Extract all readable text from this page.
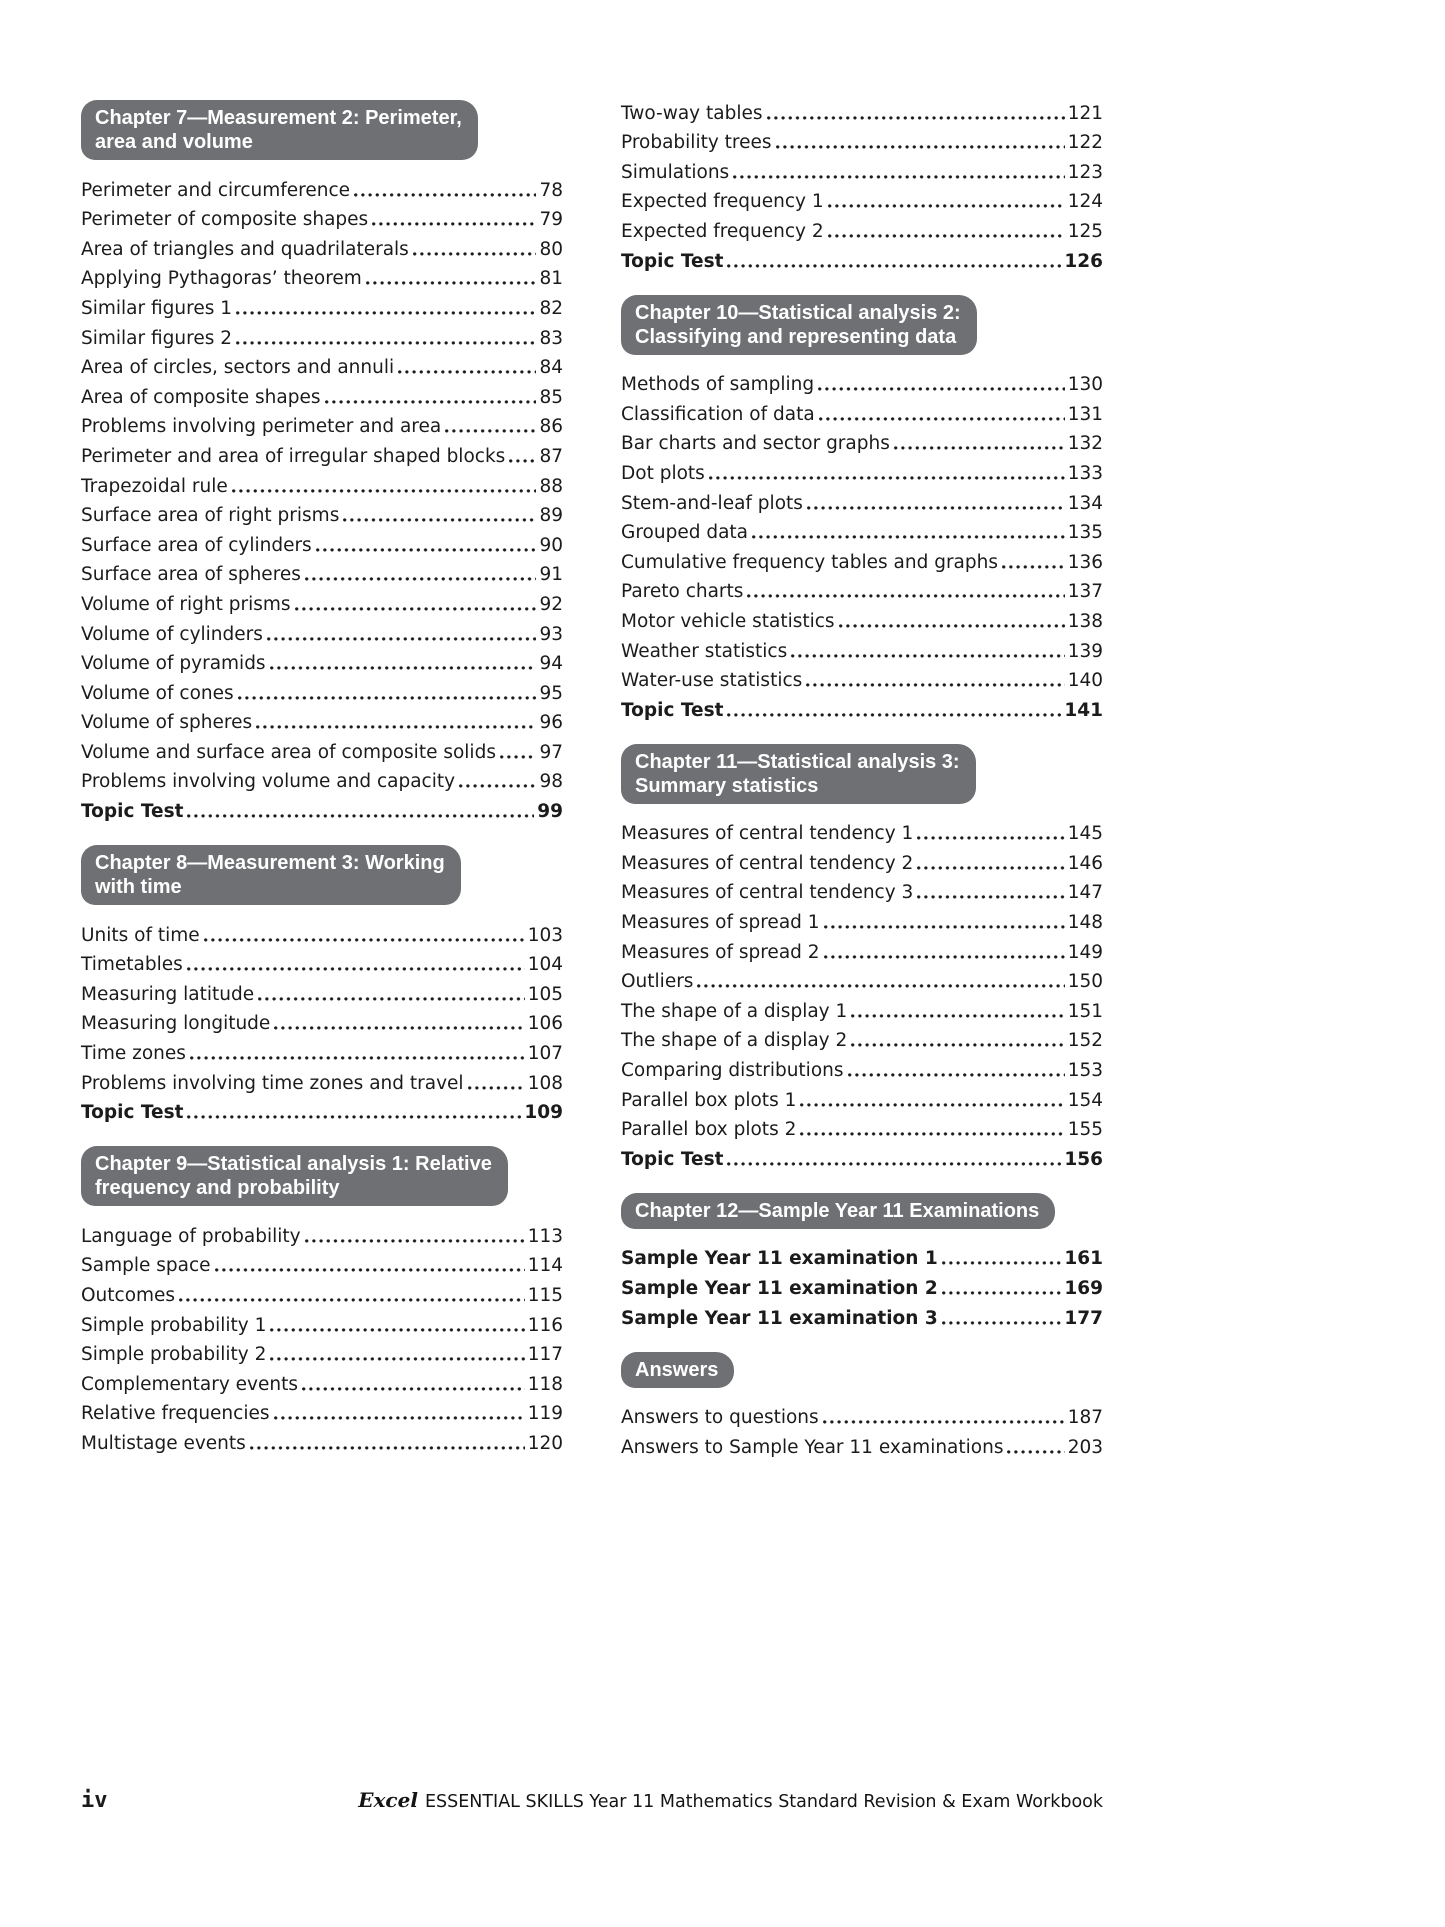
Chapter 7—Measurement 2: Perimeter,
area and volume
Perimeter and circumference	78
Perimeter of composite shapes	79
Area of triangles and quadrilaterals	80
Applying Pythagoras’ theorem	81
Similar figures 1	82
Similar figures 2	83
Area of circles, sectors and annuli	84
Area of composite shapes	85
Problems involving perimeter and area	86
Perimeter and area of irregular shaped blocks 87
Trapezoidal rule	88
Surface area of right prisms	89
Surface area of cylinders	90
Surface area of spheres	91
Volume of right prisms	92
Volume of cylinders	93
Volume of pyramids	94
Volume of cones	95
Volume of spheres	96
Volume and surface area of composite solids 97
Problems involving volume and capacity	98
Topic Test	99
Chapter 8—Measurement 3: Working
with time
Units of time	103
Timetables	104
Measuring latitude	105
Measuring longitude	106
Time zones	107
Problems involving time zones and travel	108
Topic Test	109
Chapter 9—Statistical analysis 1: Relative
frequency and probability
Language of probability	113
Sample space	114
Outcomes	115
Simple probability 1	116
Simple probability 2	117
Complementary events	118
Relative frequencies	119
Multistage events	120
Two-way tables	121
Probability trees	122
Simulations	123
Expected frequency 1	124
Expected frequency 2	125
Topic Test	126
Chapter 10—Statistical analysis 2:
Classifying and representing data
Methods of sampling	130
Classification of data	131
Bar charts and sector graphs	132
Dot plots	133
Stem-and-leaf plots	134
Grouped data	135
Cumulative frequency tables and graphs	136
Pareto charts	137
Motor vehicle statistics	138
Weather statistics	139
Water-use statistics	140
Topic Test	141
Chapter 11—Statistical analysis 3:
Summary statistics
Measures of central tendency 1	145
Measures of central tendency 2	146
Measures of central tendency 3	147
Measures of spread 1	148
Measures of spread 2	149
Outliers	150
The shape of a display 1	151
The shape of a display 2	152
Comparing distributions	153
Parallel box plots 1	154
Parallel box plots 2	155
Topic Test	156
Chapter 12—Sample Year 11 Examinations
Sample Year 11 examination 1	161
Sample Year 11 examination 2	169
Sample Year 11 examination 3	177
Answers
Answers to questions	187
Answers to Sample Year 11 examinations	203
iv	Excel ESSENTIAL SKILLS Year 11 Mathematics Standard Revision & Exam Workbook
